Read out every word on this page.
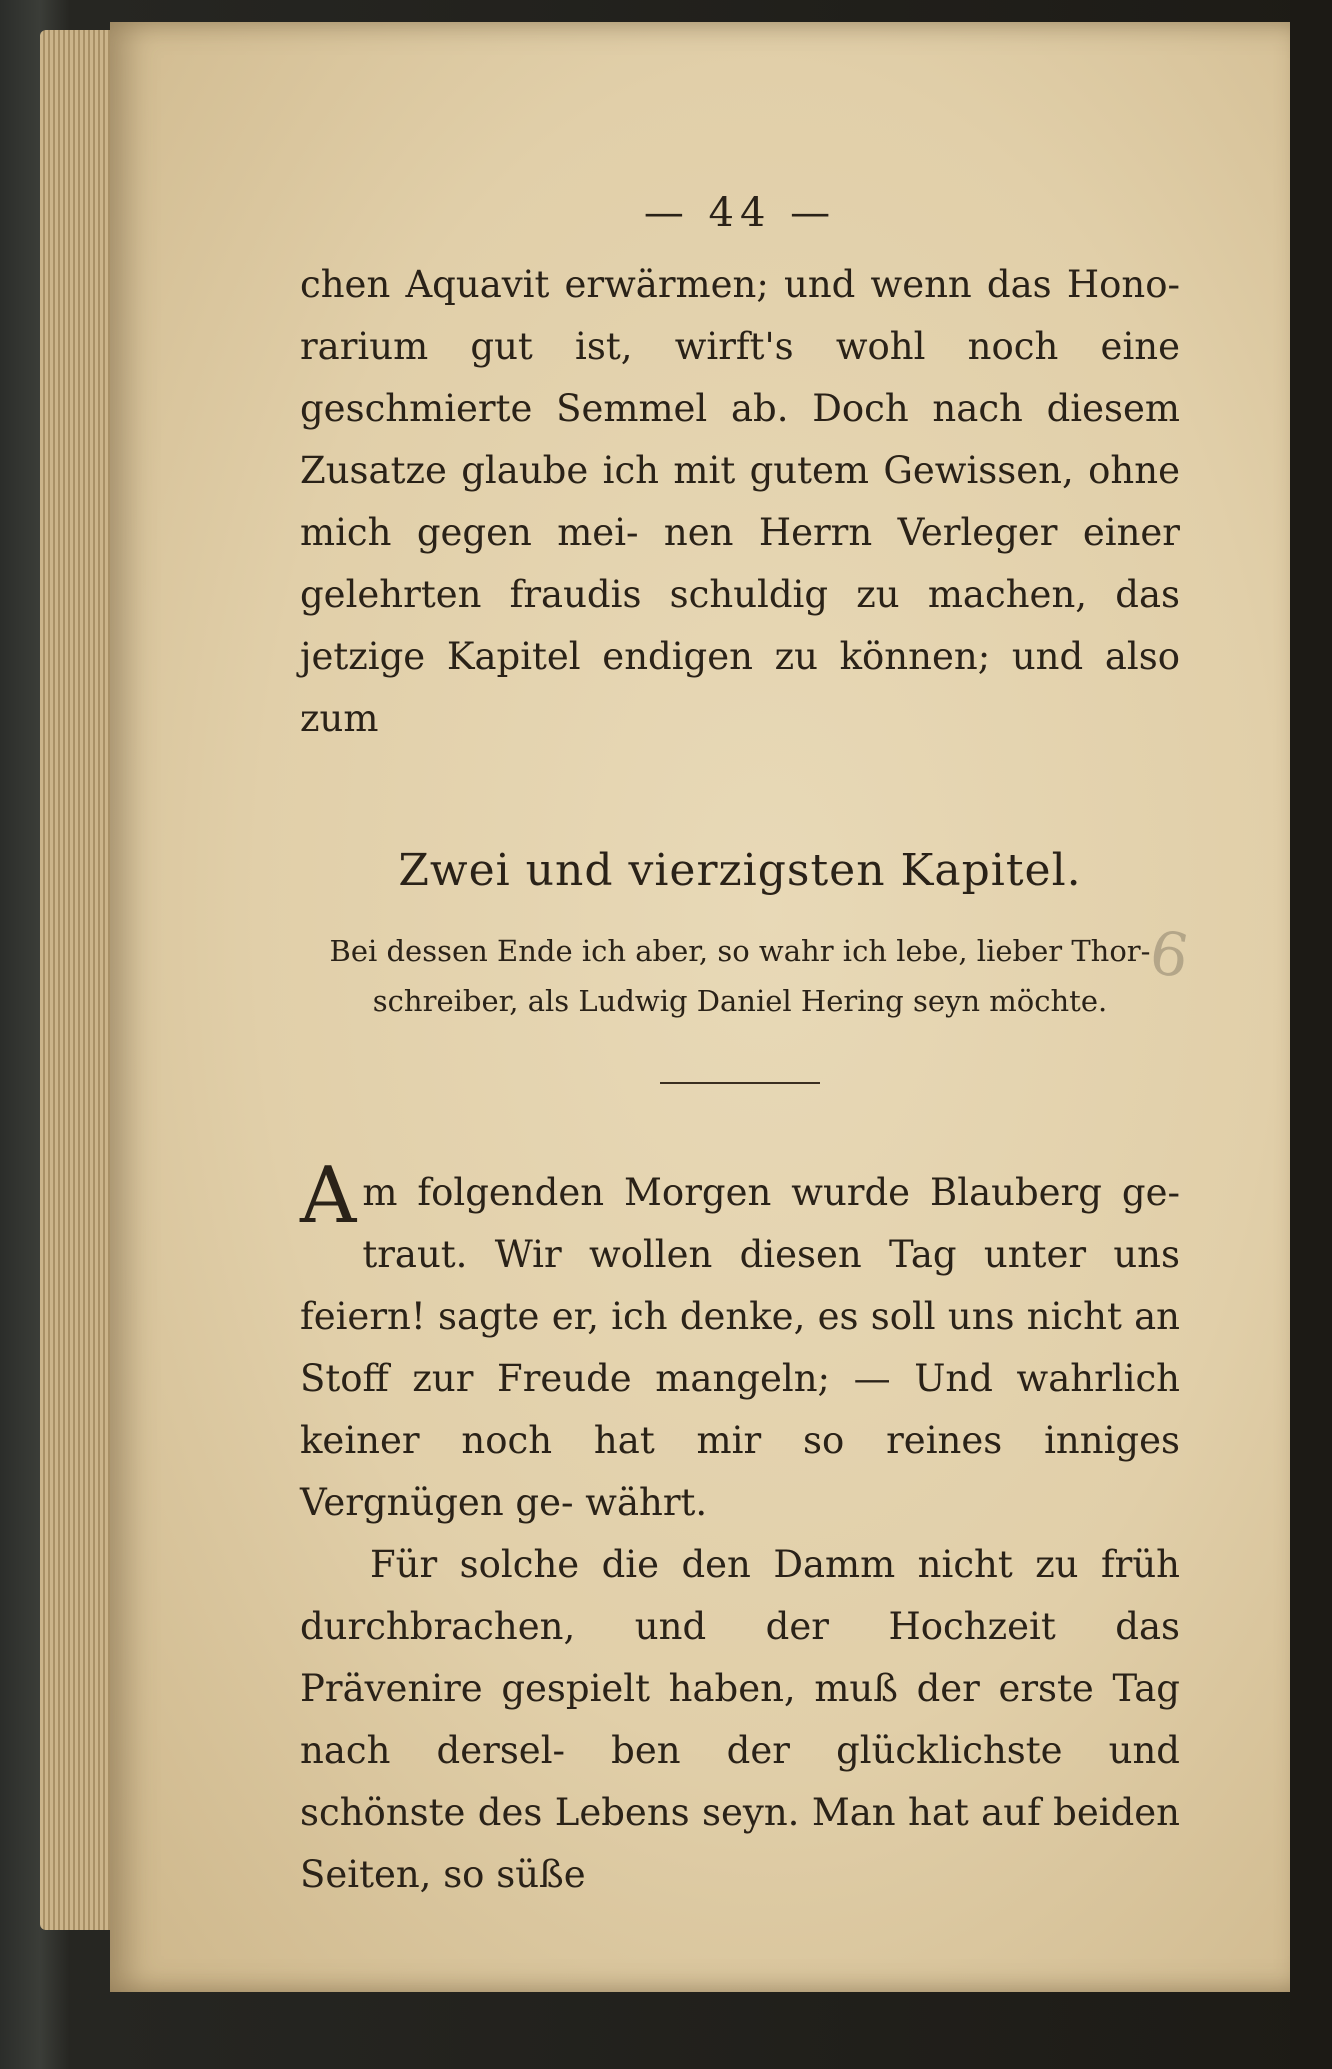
— 44 —

chen Aquavit erwärmen; und wenn das Hono- rarium gut ist, wirft's wohl noch eine geschmierte Semmel ab. Doch nach diesem Zusatze glaube ich mit gutem Gewissen, ohne mich gegen mei- nen Herrn Verleger einer gelehrten fraudis schuldig zu machen, das jetzige Kapitel endigen zu können; und also zum

Zwei und vierzigsten Kapitel.

Bei dessen Ende ich aber, so wahr ich lebe, lieber Thor- schreiber, als Ludwig Daniel Hering seyn möchte.

Am folgenden Morgen wurde Blauberg ge- traut. Wir wollen diesen Tag unter uns feiern! sagte er, ich denke, es soll uns nicht an Stoff zur Freude mangeln; — Und wahrlich keiner noch hat mir so reines inniges Vergnügen ge- währt.

Für solche die den Damm nicht zu früh durchbrachen, und der Hochzeit das Prävenire gespielt haben, muß der erste Tag nach dersel- ben der glücklichste und schönste des Lebens seyn. Man hat auf beiden Seiten, so süße

6
